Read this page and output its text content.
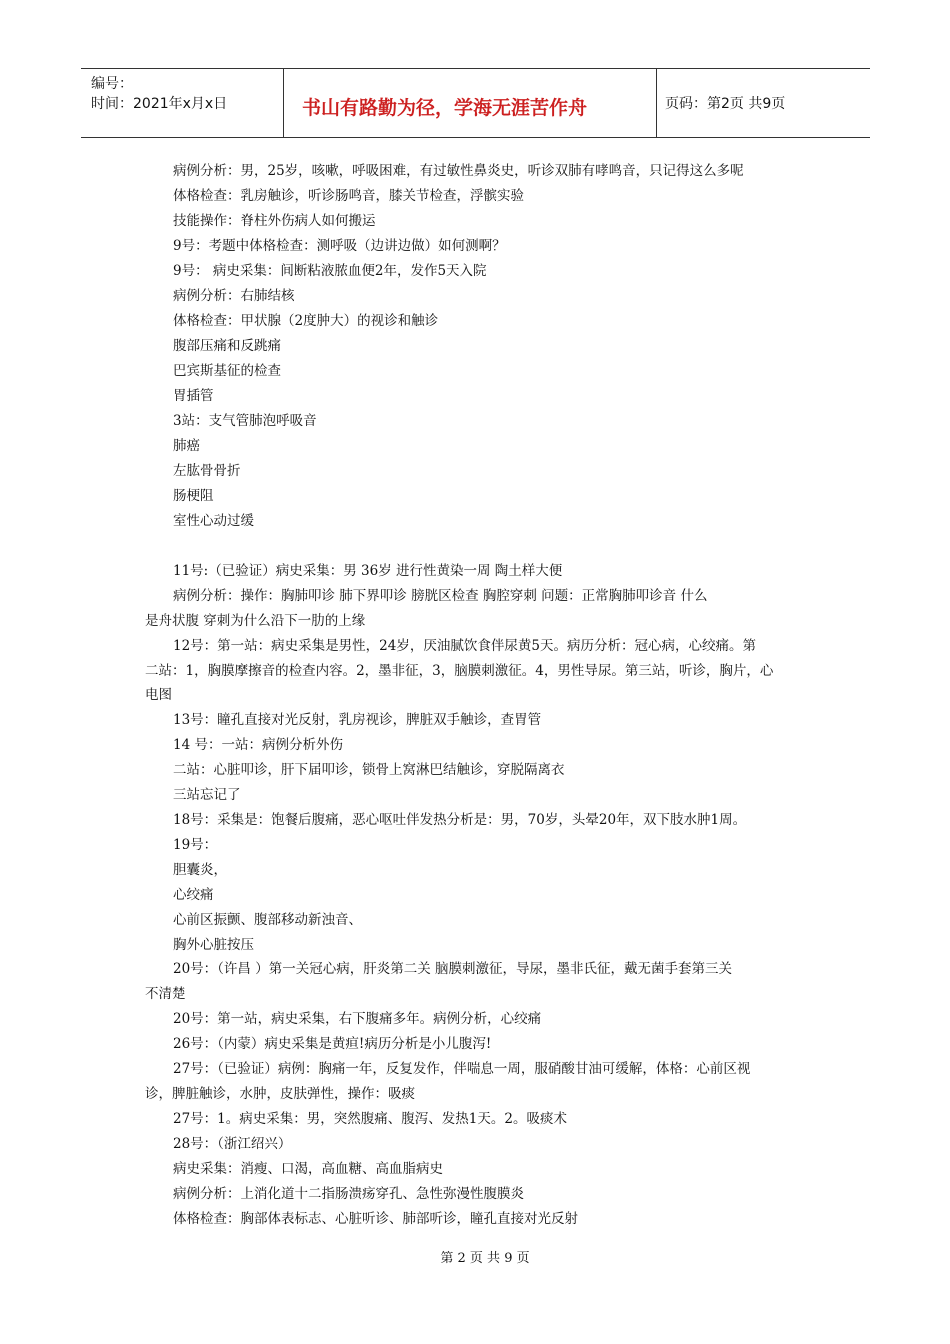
编号：
时间：2021年x月x日	书山有路勤为径，学海无涯苦作舟	页码：第2页 共9页
病例分析：男，25岁，咳嗽，呼吸困难，有过敏性鼻炎史，听诊双肺有哮鸣音，只记得这么多呢
体格检查：乳房触诊，听诊肠鸣音，膝关节检查，浮髌实验
技能操作：脊柱外伤病人如何搬运
9号：考题中体格检查：测呼吸（边讲边做）如何测啊？
9号： 病史采集：间断粘液脓血便2年，发作5天入院
病例分析：右肺结核
体格检查：甲状腺（2度肿大）的视诊和触诊
腹部压痛和反跳痛
巴宾斯基征的检查
胃插管
3站：支气管肺泡呼吸音
肺癌
左肱骨骨折
肠梗阻
室性心动过缓
11号:（已验证）病史采集：男 36岁 进行性黄染一周 陶土样大便
病例分析：操作：胸肺叩诊 肺下界叩诊 膀胱区检查 胸腔穿刺 问题：正常胸肺叩诊音 什么
是舟状腹 穿刺为什么沿下一肋的上缘
12号：第一站：病史采集是男性，24岁，厌油腻饮食伴尿黄5天。病历分析：冠心病，心绞痛。第
二站：1，胸膜摩擦音的检查内容。2，墨非征，3，脑膜刺激征。4，男性导尿。第三站，听诊，胸片，心
电图
13号：瞳孔直接对光反射，乳房视诊，脾脏双手触诊，查胃管
14 号：一站：病例分析外伤
二站：心脏叩诊，肝下届叩诊，锁骨上窝淋巴结触诊，穿脱隔离衣
三站忘记了
18号：采集是：饱餐后腹痛，恶心呕吐伴发热分析是：男，70岁，头晕20年，双下肢水肿1周。
19号：
胆囊炎，
心绞痛
心前区振颤、腹部移动新浊音、
胸外心脏按压
20号：（许昌 ）第一关冠心病，肝炎第二关 脑膜刺激征，导尿，墨非氏征，戴无菌手套第三关
不清楚
20号：第一站，病史采集，右下腹痛多年。病例分析，心绞痛
26号：（内蒙）病史采集是黄疸!病历分析是小儿腹泻!
27号：（已验证）病例：胸痛一年，反复发作，伴喘息一周，服硝酸甘油可缓解，体格：心前区视
诊，脾脏触诊，水肿，皮肤弹性，操作：吸痰
27号：1。病史采集：男，突然腹痛、腹泻、发热1天。2。吸痰术
28号：（浙江绍兴）
病史采集：消瘦、口渴，高血糖、高血脂病史
病例分析：上消化道十二指肠溃疡穿孔、急性弥漫性腹膜炎
体格检查：胸部体表标志、心脏听诊、肺部听诊，瞳孔直接对光反射
第 2 页 共 9 页
